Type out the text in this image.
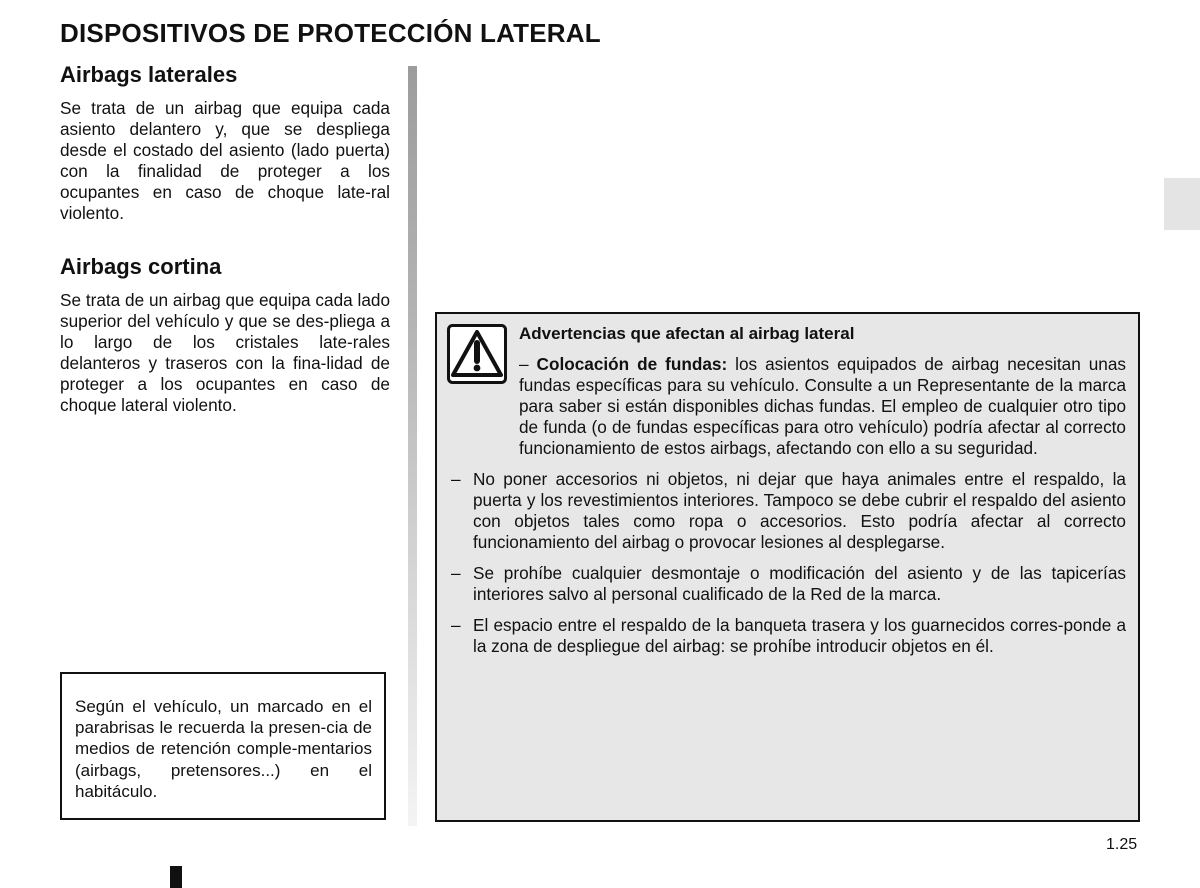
DISPOSITIVOS DE PROTECCIÓN LATERAL
Airbags laterales

Se trata de un airbag que equipa cada asiento delantero y, que se despliega desde el costado del asiento (lado puerta) con la finalidad de proteger a los ocupantes en caso de choque late-ral violento.

Airbags cortina

Se trata de un airbag que equipa cada lado superior del vehículo y que se des-pliega a lo largo de los cristales late-rales delanteros y traseros con la fina-lidad de proteger a los ocupantes en caso de choque lateral violento.

Según el vehículo, un marcado en el parabrisas le recuerda la presen-cia de medios de retención comple-mentarios (airbags, pretensores...) en el habitáculo.

Advertencias que afectan al airbag lateral

– Colocación de fundas: los asientos equipados de airbag necesitan unas fundas específicas para su vehículo. Consulte a un Representante de la marca para saber si están disponibles dichas fundas. El empleo de cualquier otro tipo de funda (o de fundas específicas para otro vehículo) podría afectar al correcto funcionamiento de estos airbags, afectando con ello a su seguridad.
– No poner accesorios ni objetos, ni dejar que haya animales entre el respaldo, la puerta y los revestimientos interiores. Tampoco se debe cubrir el respaldo del asiento con objetos tales como ropa o accesorios. Esto podría afectar al correcto funcionamiento del airbag o provocar lesiones al desplegarse.
– Se prohíbe cualquier desmontaje o modificación del asiento y de las tapicerías interiores salvo al personal cualificado de la Red de la marca.
– El espacio entre el respaldo de la banqueta trasera y los guarnecidos corres-ponde a la zona de despliegue del airbag: se prohíbe introducir objetos en él.

1.25
